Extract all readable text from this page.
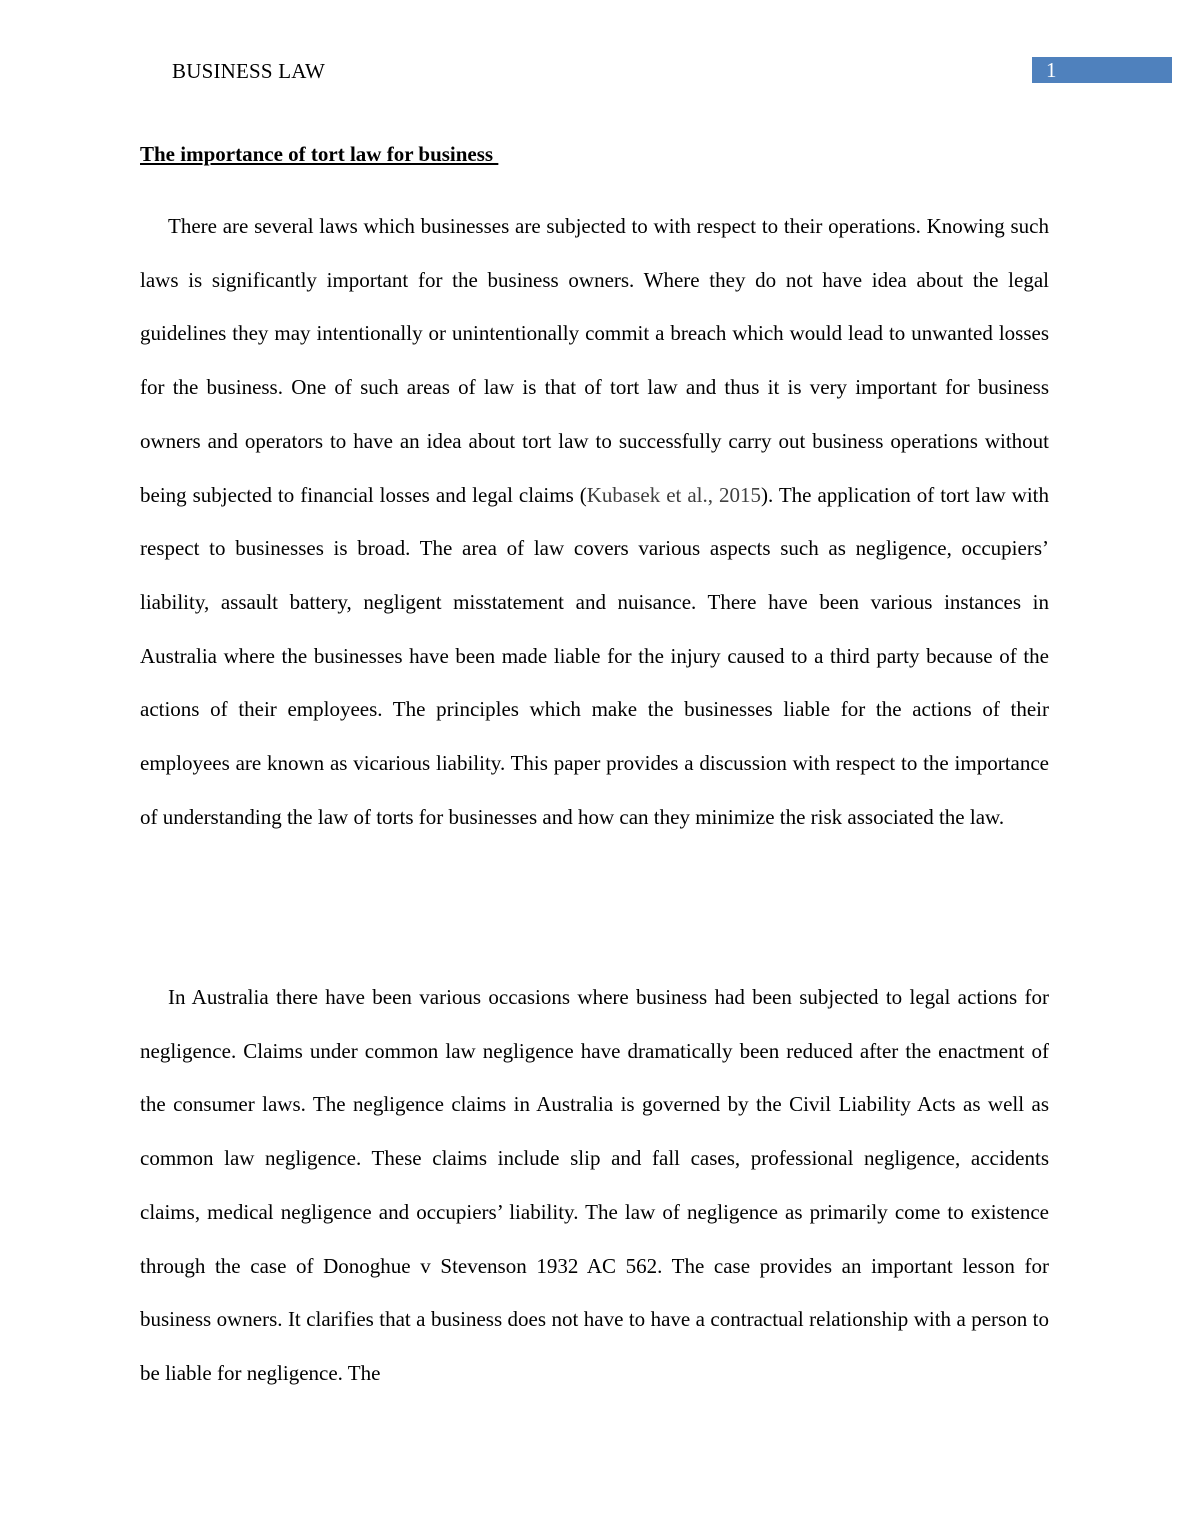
BUSINESS LAW	1
The importance of tort law for business

There are several laws which businesses are subjected to with respect to their operations. Knowing such laws is significantly important for the business owners. Where they do not have idea about the legal guidelines they may intentionally or unintentionally commit a breach which would lead to unwanted losses for the business. One of such areas of law is that of tort law and thus it is very important for business owners and operators to have an idea about tort law to successfully carry out business operations without being subjected to financial losses and legal claims (Kubasek et al., 2015). The application of tort law with respect to businesses is broad. The area of law covers various aspects such as negligence, occupiers’ liability, assault battery, negligent misstatement and nuisance. There have been various instances in Australia where the businesses have been made liable for the injury caused to a third party because of the actions of their employees. The principles which make the businesses liable for the actions of their employees are known as vicarious liability. This paper provides a discussion with respect to the importance of understanding the law of torts for businesses and how can they minimize the risk associated the law.

In Australia there have been various occasions where business had been subjected to legal actions for negligence. Claims under common law negligence have dramatically been reduced after the enactment of the consumer laws. The negligence claims in Australia is governed by the Civil Liability Acts as well as common law negligence. These claims include slip and fall cases, professional negligence, accidents claims, medical negligence and occupiers’ liability. The law of negligence as primarily come to existence through the case of Donoghue v Stevenson 1932 AC 562. The case provides an important lesson for business owners. It clarifies that a business does not have to have a contractual relationship with a person to be liable for negligence. The
